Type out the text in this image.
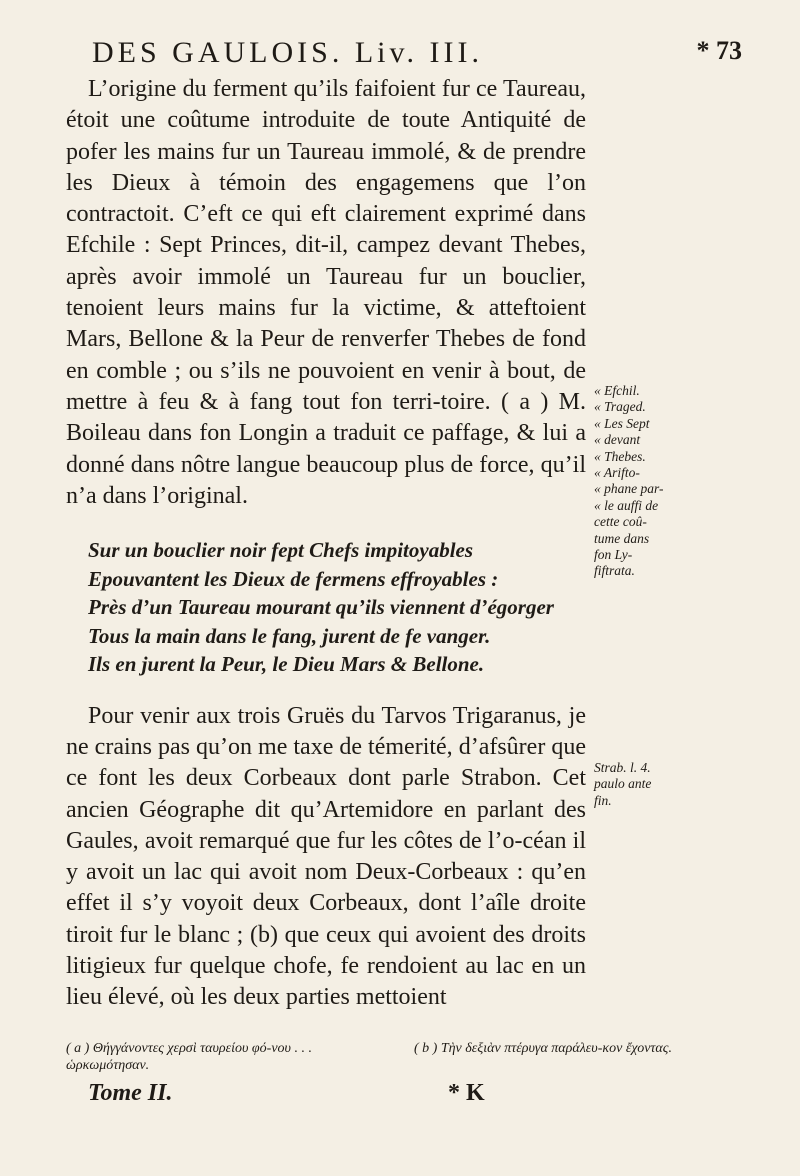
DES GAULOIS. Liv. III.	* 73

L’origine du ferment qu’ils faifoient fur ce Taureau, étoit une coûtume introduite de toute Antiquité de pofer les mains fur un Taureau immolé, & de prendre les Dieux à témoin des engagemens que l’on contractoit. C’eft ce qui eft clairement exprimé dans Efchile : Sept Princes, dit-il, campez devant Thebes, après avoir immolé un Taureau fur un bouclier, tenoient leurs mains fur la victime, & atteftoient Mars, Bellone & la Peur de renverfer Thebes de fond en comble ; ou s’ils ne pouvoient en venir à bout, de mettre à feu & à fang tout fon terri-toire. ( a ) M. Boileau dans fon Longin a traduit ce paffage, & lui a donné dans nôtre langue beaucoup plus de force, qu’il n’a dans l’original.

Sur un bouclier noir fept Chefs impitoyables
Epouvantent les Dieux de fermens effroyables :
Près d’un Taureau mourant qu’ils viennent d’égorger
Tous la main dans le fang, jurent de fe vanger.
Ils en jurent la Peur, le Dieu Mars & Bellone.

Pour venir aux trois Gruës du Tarvos Trigaranus, je ne crains pas qu’on me taxe de témerité, d’afsûrer que ce font les deux Corbeaux dont parle Strabon. Cet ancien Géographe dit qu’Artemidore en parlant des Gaules, avoit remarqué que fur les côtes de l’o-céan il y avoit un lac qui avoit nom Deux-Corbeaux : qu’en effet il s’y voyoit deux Corbeaux, dont l’aîle droite tiroit fur le blanc ; (b) que ceux qui avoient des droits litigieux fur quelque chofe, fe rendoient au lac en un lieu élevé, où les deux parties mettoient

« Efchil.
« Traged.
« Les Sept
« devant
« Thebes.
« Arifto-
« phane par-
« le auffi de
cette coû-
tume dans
fon Ly-
fiftrata.
Strab. l. 4.
paulo ante
fin.
( a ) Θήγγάνοντες χερσὶ ταυρείου φό-νου . . . ὡρκωμότησαν.
( b ) Τὴν δεξιὰν πτέρυγα παράλευ-κον ἔχοντας.
Tome II.	* K
